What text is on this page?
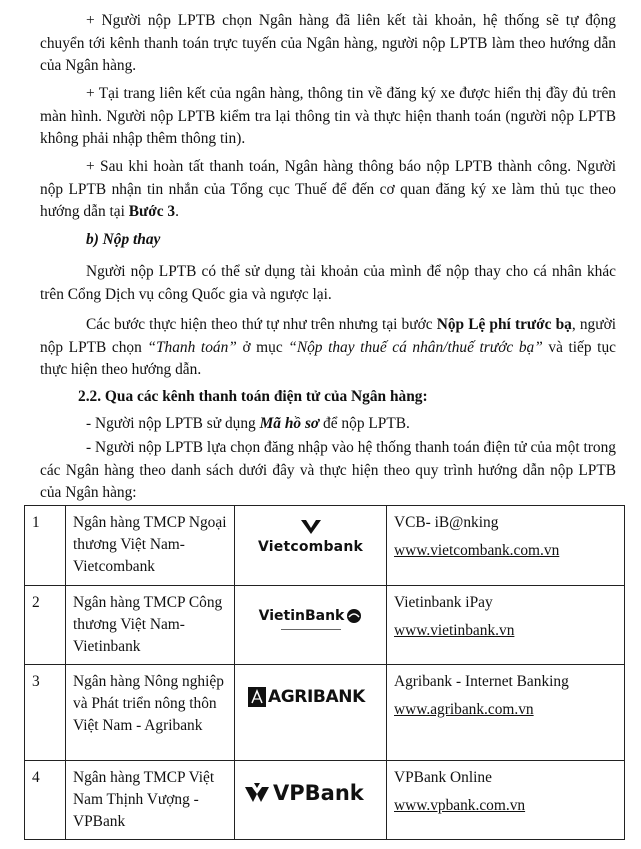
+ Người nộp LPTB chọn Ngân hàng đã liên kết tài khoản, hệ thống sẽ tự động chuyển tới kênh thanh toán trực tuyến của Ngân hàng, người nộp LPTB làm theo hướng dẫn của Ngân hàng.

+ Tại trang liên kết của ngân hàng, thông tin về đăng ký xe được hiển thị đầy đủ trên màn hình. Người nộp LPTB kiểm tra lại thông tin và thực hiện thanh toán (người nộp LPTB không phải nhập thêm thông tin).

+ Sau khi hoàn tất thanh toán, Ngân hàng thông báo nộp LPTB thành công. Người nộp LPTB nhận tin nhắn của Tổng cục Thuế để đến cơ quan đăng ký xe làm thủ tục theo hướng dẫn tại Bước 3.

b) Nộp thay

Người nộp LPTB có thể sử dụng tài khoản của mình để nộp thay cho cá nhân khác trên Cổng Dịch vụ công Quốc gia và ngược lại.

Các bước thực hiện theo thứ tự như trên nhưng tại bước Nộp Lệ phí trước bạ, người nộp LPTB chọn “Thanh toán” ở mục “Nộp thay thuế cá nhân/thuế trước bạ” và tiếp tục thực hiện theo hướng dẫn.

2.2. Qua các kênh thanh toán điện tử của Ngân hàng:

- Người nộp LPTB sử dụng Mã hồ sơ để nộp LPTB.

- Người nộp LPTB lựa chọn đăng nhập vào hệ thống thanh toán điện tử của một trong các Ngân hàng theo danh sách dưới đây và thực hiện theo quy trình hướng dẫn nộp LPTB của Ngân hàng:

1	Ngân hàng TMCP Ngoại thương Việt Nam-Vietcombank	Vietcombank	VCB- iB@nking
www.vietcombank.com.vn

2	Ngân hàng TMCP Công thương Việt Nam-Vietinbank	VietinBank	Vietinbank iPay
www.vietinbank.vn

3	Ngân hàng Nông nghiệp và Phát triển nông thôn Việt Nam - Agribank	AGRIBANK	Agribank - Internet Banking
www.agribank.com.vn

4	Ngân hàng TMCP Việt Nam Thịnh Vượng - VPBank	VPBank	VPBank Online
www.vpbank.com.vn
